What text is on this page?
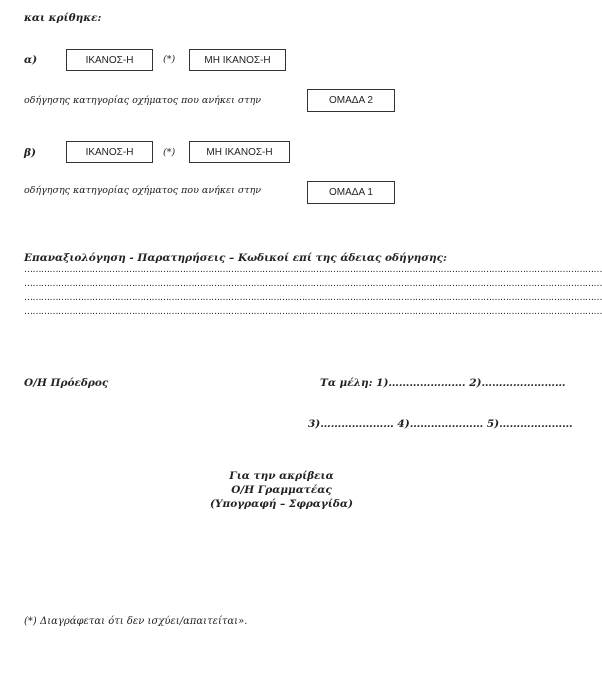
και κρίθηκε:
α)	ΙΚΑΝΟΣ-Η	(*)	ΜΗ ΙΚΑΝΟΣ-Η
οδήγησης κατηγορίας οχήματος που ανήκει στην	ΟΜΑΔΑ 2
β)	ΙΚΑΝΟΣ-Η	(*)	ΜΗ ΙΚΑΝΟΣ-Η
οδήγησης κατηγορίας οχήματος που ανήκει στην	ΟΜΑΔΑ 1
Επαναξιολόγηση - Παρατηρήσεις – Κωδικοί επί της άδειας οδήγησης:
……………………………………………………………………………………………………………………………………………………………………………………
……………………………………………………………………………………………………………………………………………………………………………………
……………………………………………………………………………………………………………………………………………………………………………………
……………………………………………………………………………………………………………………………………………………………………………………
Ο/Η Πρόεδρος	Τα μέλη: 1)…………………. 2)……………………
3)………………… 4)………………… 5)…………………
Για την ακρίβεια
Ο/Η Γραμματέας
(Υπογραφή – Σφραγίδα)
(*) Διαγράφεται ότι δεν ισχύει/απαιτείται».
